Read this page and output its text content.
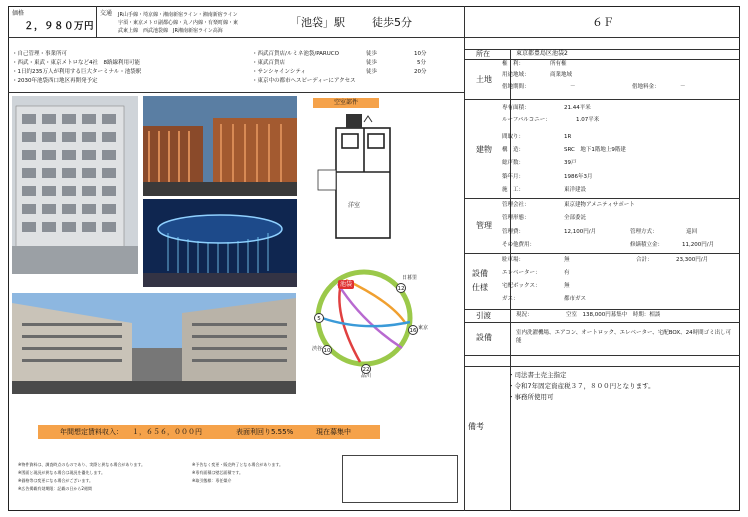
価格
２，９８０万円
交通 JR山手線・埼京線・湘南新宿ライン・湘南新宿ライン
宇須・東京メトロ副都心線・丸ノ内線・有楽町線・東
武東上線　西武池袋線　JR湘南新宿ライン高海
「池袋」駅 徒歩5分	６Ｆ
・自己管理・事業所可
・西武・東武・東京メトロなど4社　8路線利用可能
・1日約235万人が利用する巨大ターミナル・池袋駅
・2030年池袋西口地区再開発予定
・西武百貨店/ルミネ池袋/PARUCO	徒歩	10分
・東武百貨店	徒歩	5分
・サンシャインシティ	徒歩	20分
・東京中の都市へスピーディーにアクセス
空室部件
洋室
池袋
12
5
16
10
22
日暮里
東京
渋谷
品川
年間想定賃料収入： １，６５６，０００円	表面利回り5.55%	現在募集中
※物件資料は、調査時点のものであり、実際と異なる場合があります。
※図面と現況が異なる場合は現況を優先します。
※価格等は変更になる場合がございます。
※広告掲載有効期限：記載の日から2週間
※予告なく変更・販売終了となる場合があります。
※専有面積は壁芯面積です。
※取引態様：専任媒介
所在	東京都豊島区池袋2
土地
権　利：	所有権
用途地域：	商業地域
借地期間：	－	借地料金：	－
建物
専有面積：	21.44平米
ルーフバルコニー：	1.07平米
間取り：	1R
構　造：	SRC　地下1階地上9階建
総戸数：	39戸
築年月：	1986年3月
施　工：	東洋建設
管理
管理会社：	東京建物アメニティサポート
管理形態：	全部委託
管理費：	12,100円/月	管理方式：	巡回
その他費用：	修繕積立金：	11,200円/月
設備
仕様
駐車場：	無	合計：	23,300円/月
エレベーター：	有
宅配ボックス：	無
ガス：	都市ガス
引渡	現況：	空室　138,000円募集中　時期：相談
設備	室内洗濯機場、エアコン、オートロック、エレベーター、宅配BOX、24時間ゴミ出し可能
・司法書士売主指定
・令和7年固定資産税３７，８００円となります。
・事務所使用可
備考
